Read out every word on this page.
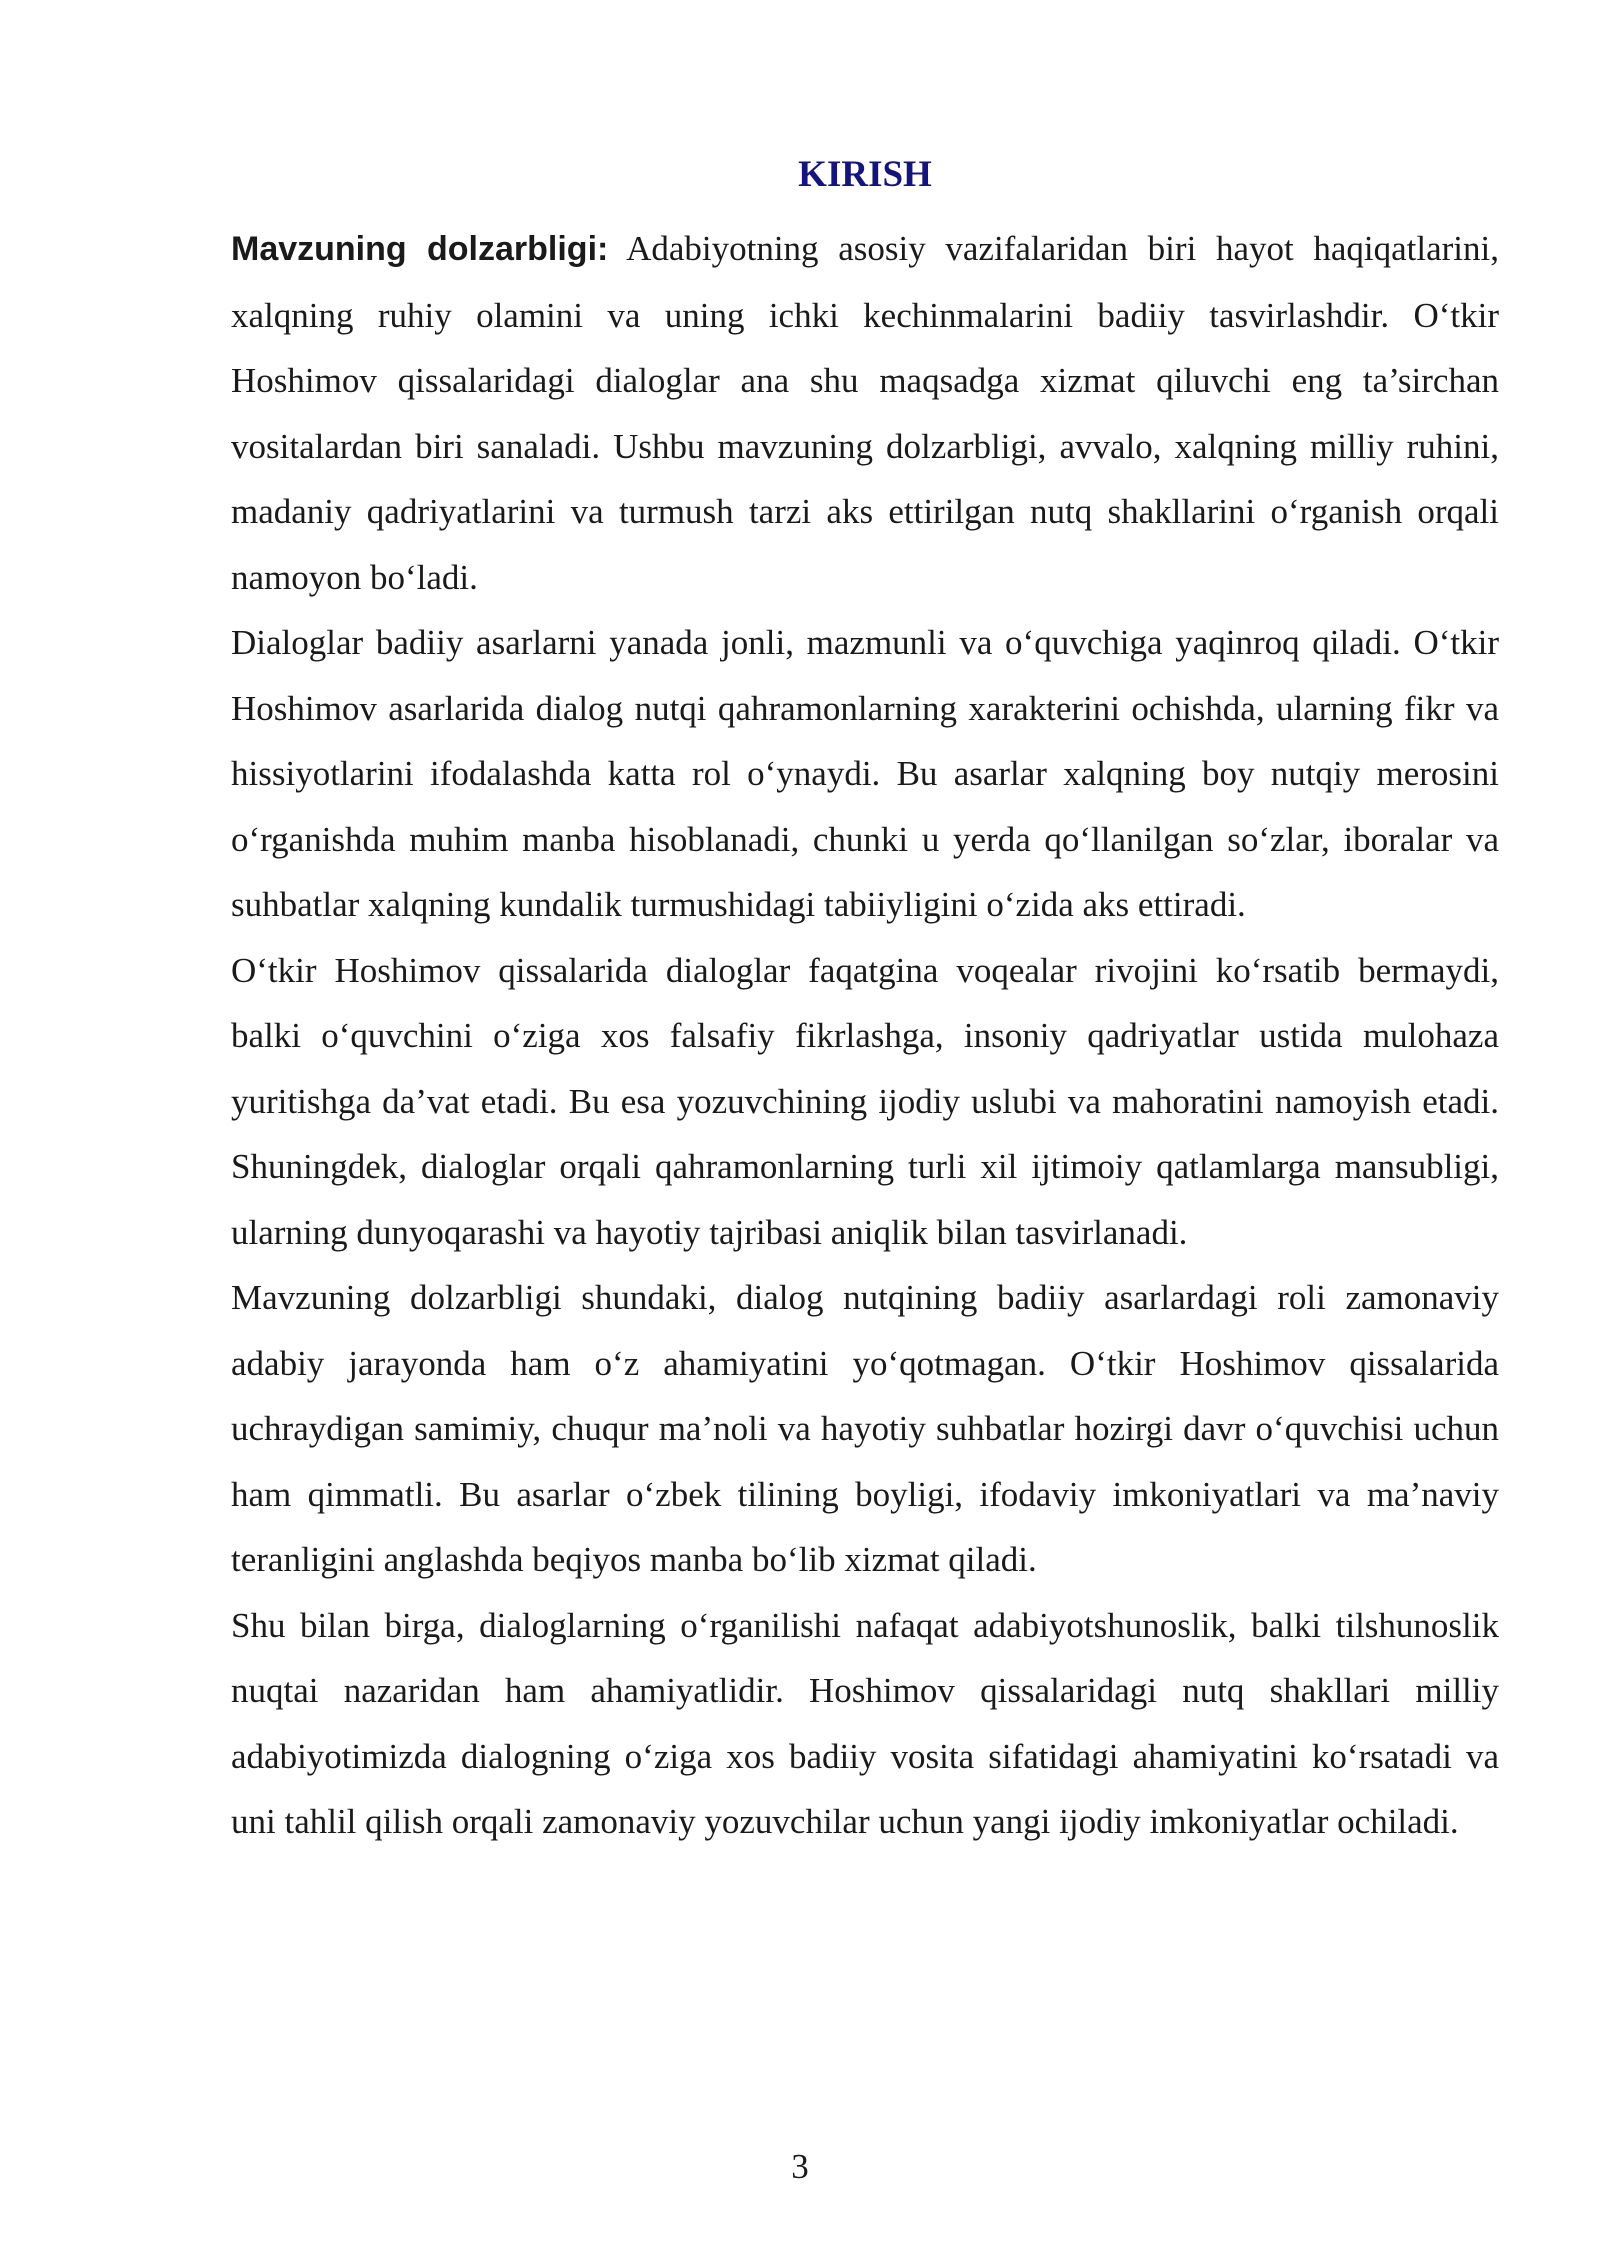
KIRISH

Mavzuning dolzarbligi: Adabiyotning asosiy vazifalaridan biri hayot haqiqatlarini, xalqning ruhiy olamini va uning ichki kechinmalarini badiiy tasvirlashdir. O‘tkir Hoshimov qissalaridagi dialoglar ana shu maqsadga xizmat qiluvchi eng ta’sirchan vositalardan biri sanaladi. Ushbu mavzuning dolzarbligi, avvalo, xalqning milliy ruhini, madaniy qadriyatlarini va turmush tarzi aks ettirilgan nutq shakllarini o‘rganish orqali namoyon bo‘ladi.

Dialoglar badiiy asarlarni yanada jonli, mazmunli va o‘quvchiga yaqinroq qiladi. O‘tkir Hoshimov asarlarida dialog nutqi qahramonlarning xarakterini ochishda, ularning fikr va hissiyotlarini ifodalashda katta rol o‘ynaydi. Bu asarlar xalqning boy nutqiy merosini o‘rganishda muhim manba hisoblanadi, chunki u yerda qo‘llanilgan so‘zlar, iboralar va suhbatlar xalqning kundalik turmushidagi tabiiyligini o‘zida aks ettiradi.

O‘tkir Hoshimov qissalarida dialoglar faqatgina voqealar rivojini ko‘rsatib bermaydi, balki o‘quvchini o‘ziga xos falsafiy fikrlashga, insoniy qadriyatlar ustida mulohaza yuritishga da’vat etadi. Bu esa yozuvchining ijodiy uslubi va mahoratini namoyish etadi. Shuningdek, dialoglar orqali qahramonlarning turli xil ijtimoiy qatlamlarga mansubligi, ularning dunyoqarashi va hayotiy tajribasi aniqlik bilan tasvirlanadi.

Mavzuning dolzarbligi shundaki, dialog nutqining badiiy asarlardagi roli zamonaviy adabiy jarayonda ham o‘z ahamiyatini yo‘qotmagan. O‘tkir Hoshimov qissalarida uchraydigan samimiy, chuqur ma’noli va hayotiy suhbatlar hozirgi davr o‘quvchisi uchun ham qimmatli. Bu asarlar o‘zbek tilining boyligi, ifodaviy imkoniyatlari va ma’naviy teranligini anglashda beqiyos manba bo‘lib xizmat qiladi.

Shu bilan birga, dialoglarning o‘rganilishi nafaqat adabiyotshunoslik, balki tilshunoslik nuqtai nazaridan ham ahamiyatlidir. Hoshimov qissalaridagi nutq shakllari milliy adabiyotimizda dialogning o‘ziga xos badiiy vosita sifatidagi ahamiyatini ko‘rsatadi va uni tahlil qilish orqali zamonaviy yozuvchilar uchun yangi ijodiy imkoniyatlar ochiladi.

3
